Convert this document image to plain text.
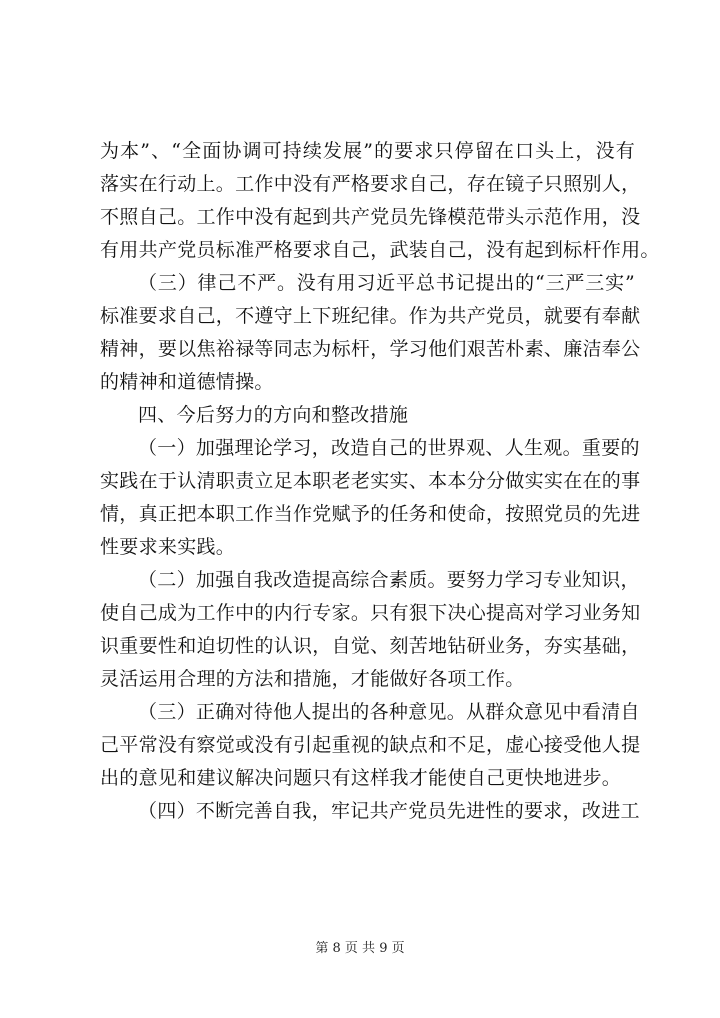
为本”、“全面协调可持续发展”的要求只停留在口头上，没有
落实在行动上。工作中没有严格要求自己，存在镜子只照别人，
不照自己。工作中没有起到共产党员先锋模范带头示范作用，没
有用共产党员标准严格要求自己，武装自己，没有起到标杆作用。
（三）律己不严。没有用习近平总书记提出的“三严三实”
标准要求自己，不遵守上下班纪律。作为共产党员，就要有奉献
精神，要以焦裕禄等同志为标杆，学习他们艰苦朴素、廉洁奉公
的精神和道德情操。
四、今后努力的方向和整改措施
（一）加强理论学习，改造自己的世界观、人生观。重要的
实践在于认清职责立足本职老老实实、本本分分做实实在在的事
情，真正把本职工作当作党赋予的任务和使命，按照党员的先进
性要求来实践。
（二）加强自我改造提高综合素质。要努力学习专业知识，
使自己成为工作中的内行专家。只有狠下决心提高对学习业务知
识重要性和迫切性的认识，自觉、刻苦地钻研业务，夯实基础，
灵活运用合理的方法和措施，才能做好各项工作。
（三）正确对待他人提出的各种意见。从群众意见中看清自
己平常没有察觉或没有引起重视的缺点和不足，虚心接受他人提
出的意见和建议解决问题只有这样我才能使自己更快地进步。
（四）不断完善自我，牢记共产党员先进性的要求，改进工
第 8 页 共 9 页
